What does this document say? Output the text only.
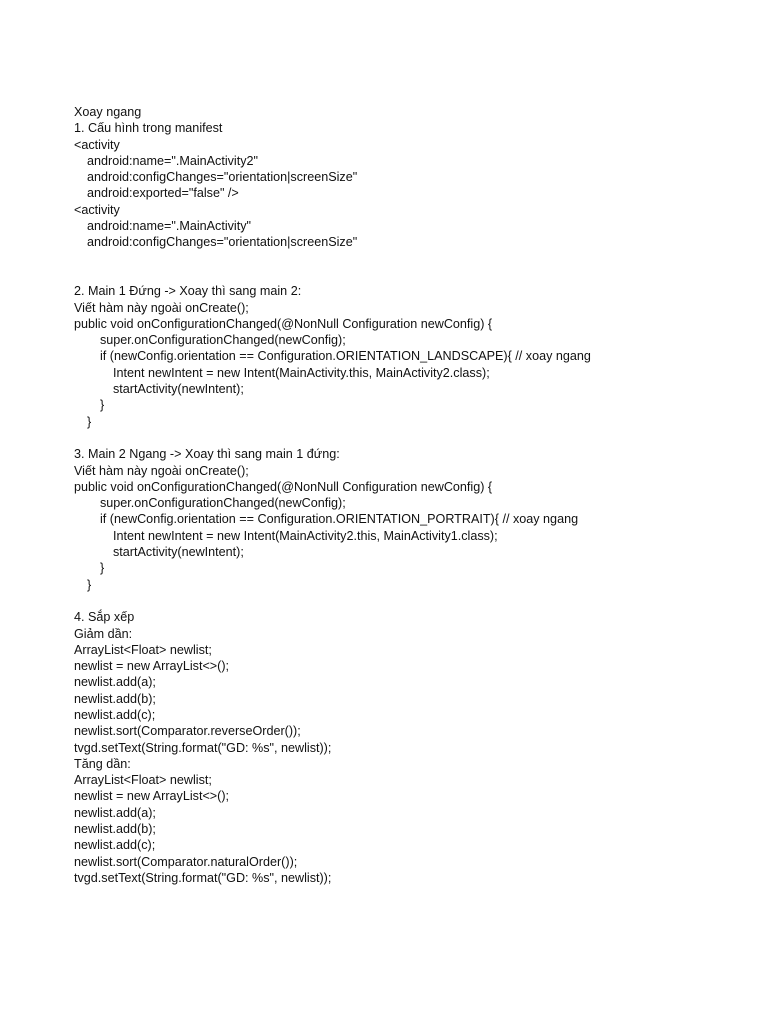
Xoay ngang
1. Cấu hình trong manifest
<activity
android:name=".MainActivity2"
android:configChanges="orientation|screenSize"
android:exported="false" />
<activity
android:name=".MainActivity"
android:configChanges="orientation|screenSize"
2. Main 1 Đứng -> Xoay thì sang main 2:
Viết hàm này ngoài onCreate();
public void onConfigurationChanged(@NonNull Configuration newConfig) {
super.onConfigurationChanged(newConfig);
if (newConfig.orientation == Configuration.ORIENTATION_LANDSCAPE){ // xoay ngang
Intent newIntent = new Intent(MainActivity.this, MainActivity2.class);
startActivity(newIntent);
}
}
3. Main 2 Ngang -> Xoay thì sang main 1 đứng:
Viết hàm này ngoài onCreate();
public void onConfigurationChanged(@NonNull Configuration newConfig) {
super.onConfigurationChanged(newConfig);
if (newConfig.orientation == Configuration.ORIENTATION_PORTRAIT){ // xoay ngang
Intent newIntent = new Intent(MainActivity2.this, MainActivity1.class);
startActivity(newIntent);
}
}
4. Sắp xếp
Giảm dần:
ArrayList<Float> newlist;
newlist = new ArrayList<>();
newlist.add(a);
newlist.add(b);
newlist.add(c);
newlist.sort(Comparator.reverseOrder());
tvgd.setText(String.format("GD: %s", newlist));
Tăng dần:
ArrayList<Float> newlist;
newlist = new ArrayList<>();
newlist.add(a);
newlist.add(b);
newlist.add(c);
newlist.sort(Comparator.naturalOrder());
tvgd.setText(String.format("GD: %s", newlist));
